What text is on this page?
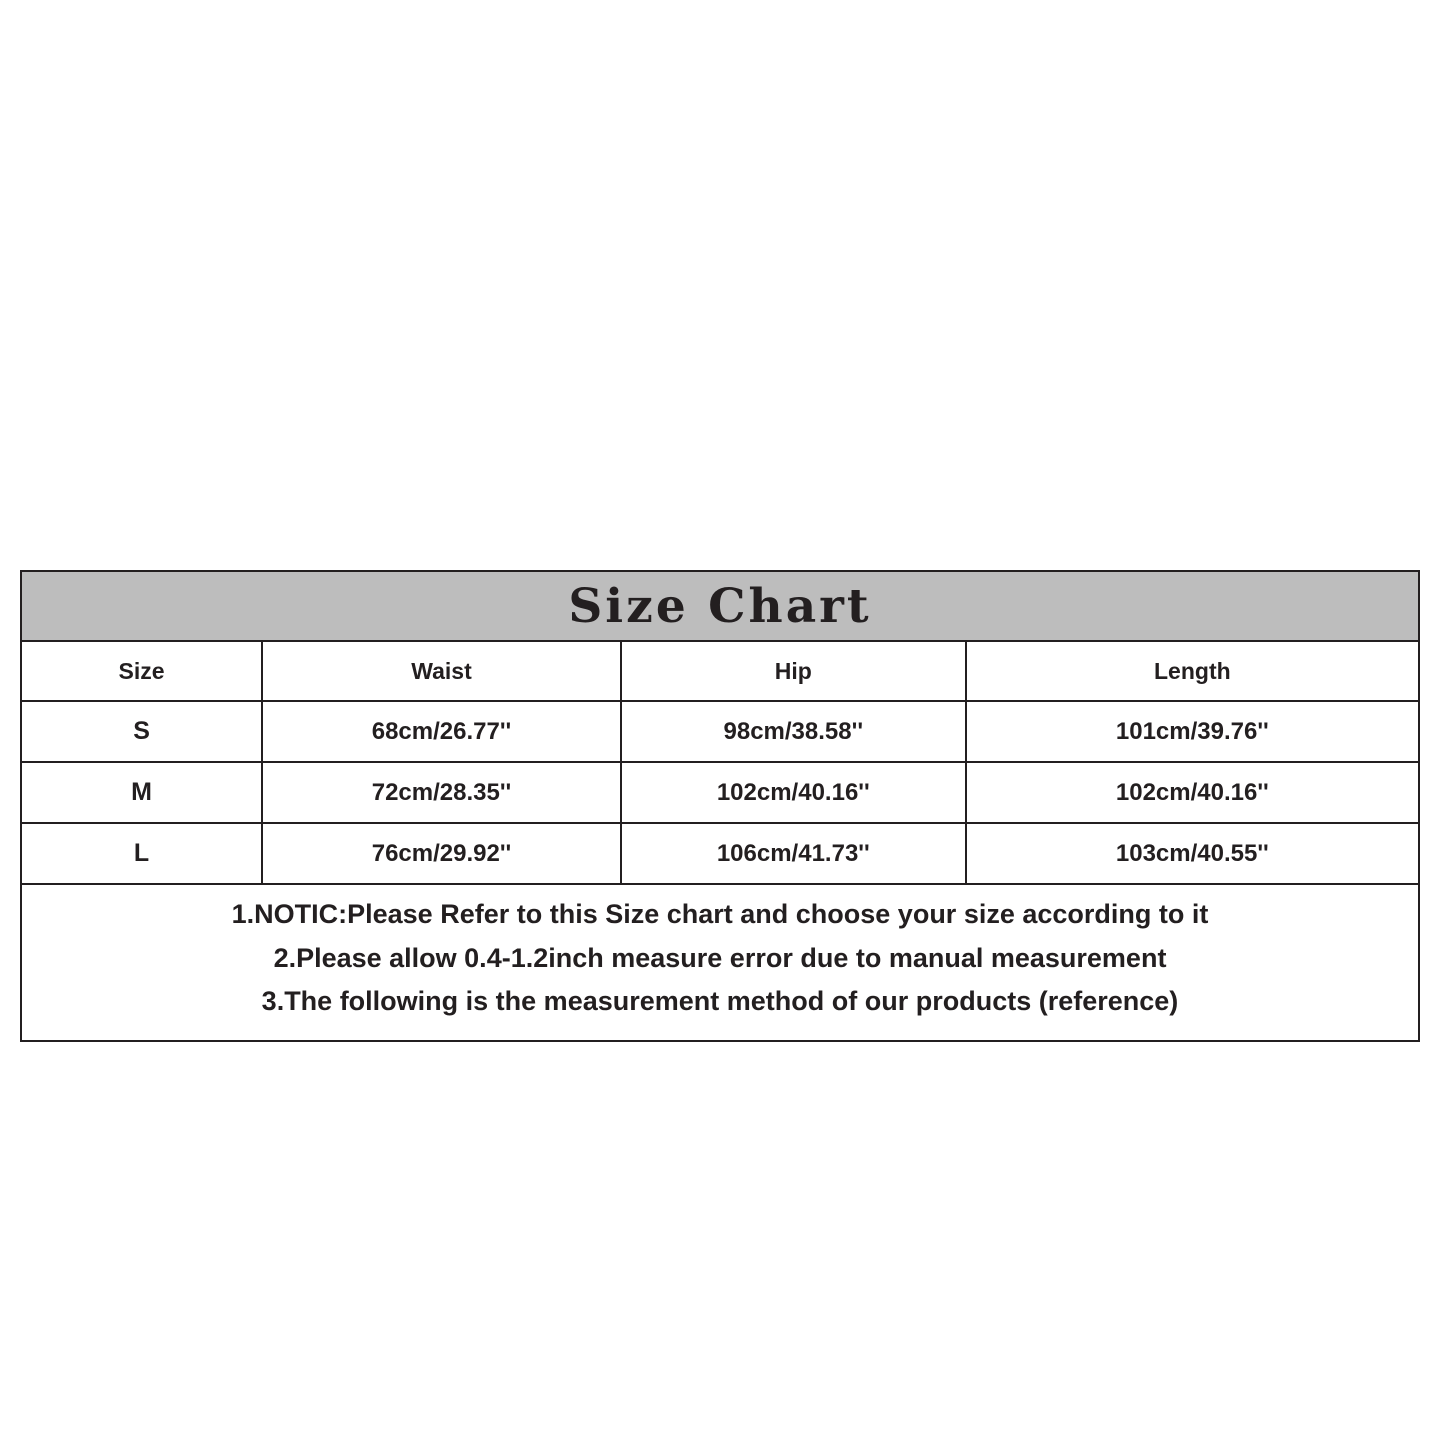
Size Chart
Size	Waist	Hip	Length
S	68cm/26.77''	98cm/38.58''	101cm/39.76''
M	72cm/28.35''	102cm/40.16''	102cm/40.16''
L	76cm/29.92''	106cm/41.73''	103cm/40.55''
1.NOTIC:Please Refer to this Size chart and choose your size according to it
2.Please allow 0.4-1.2inch measure error due to manual measurement
3.The following is the measurement method of our products (reference)
